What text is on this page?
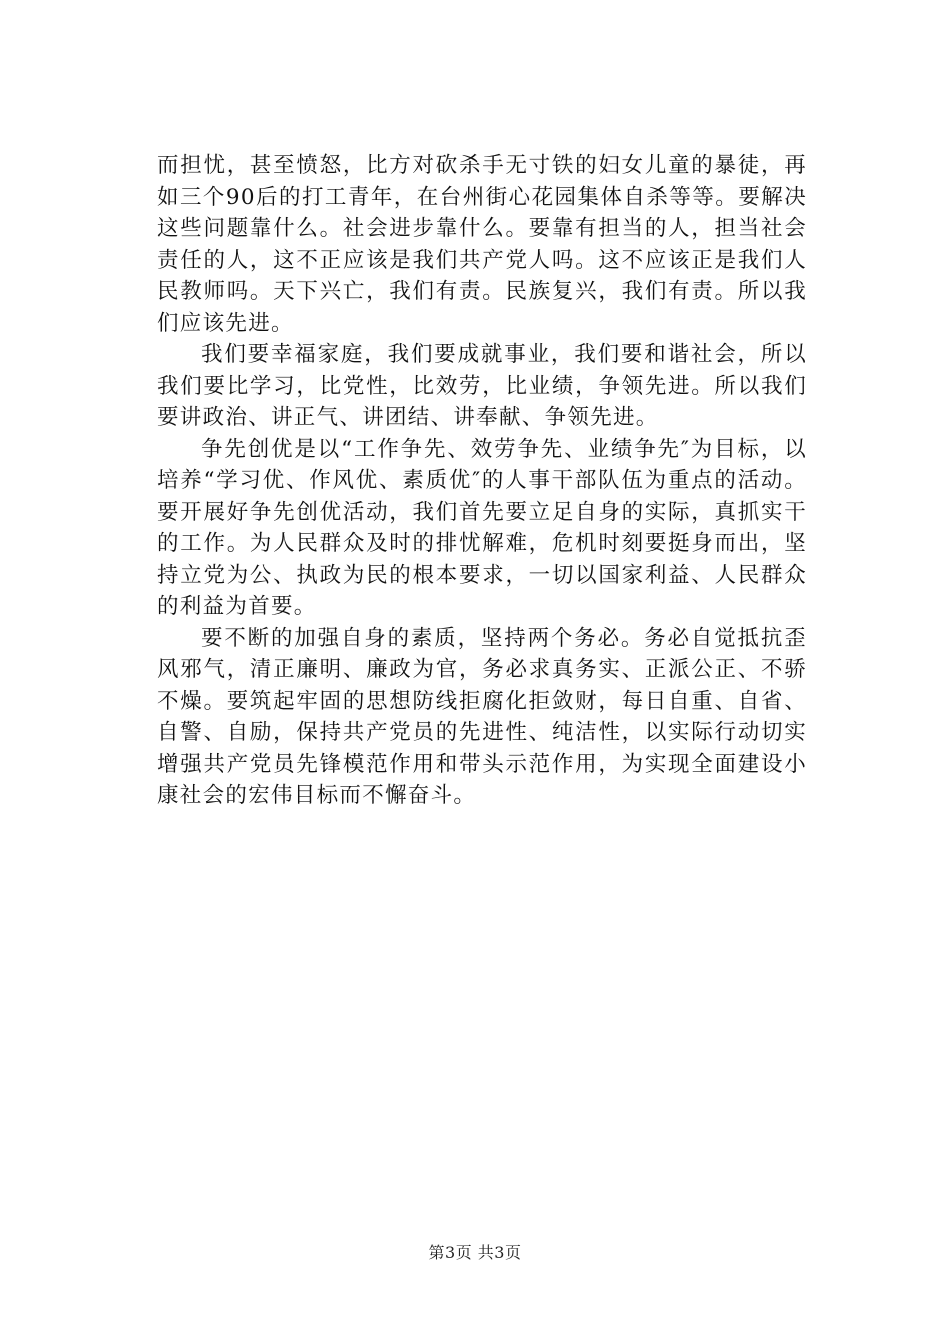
而担忧，甚至愤怒，比方对砍杀手无寸铁的妇女儿童的暴徒，再如三个90后的打工青年，在台州街心花园集体自杀等等。要解决这些问题靠什么。社会进步靠什么。要靠有担当的人，担当社会责任的人，这不正应该是我们共产党人吗。这不应该正是我们人民教师吗。天下兴亡，我们有责。民族复兴，我们有责。所以我们应该先进。

我们要幸福家庭，我们要成就事业，我们要和谐社会，所以我们要比学习，比党性，比效劳，比业绩，争领先进。所以我们要讲政治、讲正气、讲团结、讲奉献、争领先进。

争先创优是以“工作争先、效劳争先、业绩争先″为目标，以培养“学习优、作风优、素质优″的人事干部队伍为重点的活动。要开展好争先创优活动，我们首先要立足自身的实际，真抓实干的工作。为人民群众及时的排忧解难，危机时刻要挺身而出，坚持立党为公、执政为民的根本要求，一切以国家利益、人民群众的利益为首要。

要不断的加强自身的素质，坚持两个务必。务必自觉抵抗歪风邪气，清正廉明、廉政为官，务必求真务实、正派公正、不骄不燥。要筑起牢固的思想防线拒腐化拒敛财，每日自重、自省、自警、自励，保持共产党员的先进性、纯洁性，以实际行动切实增强共产党员先锋模范作用和带头示范作用，为实现全面建设小康社会的宏伟目标而不懈奋斗。

第3页 共3页
